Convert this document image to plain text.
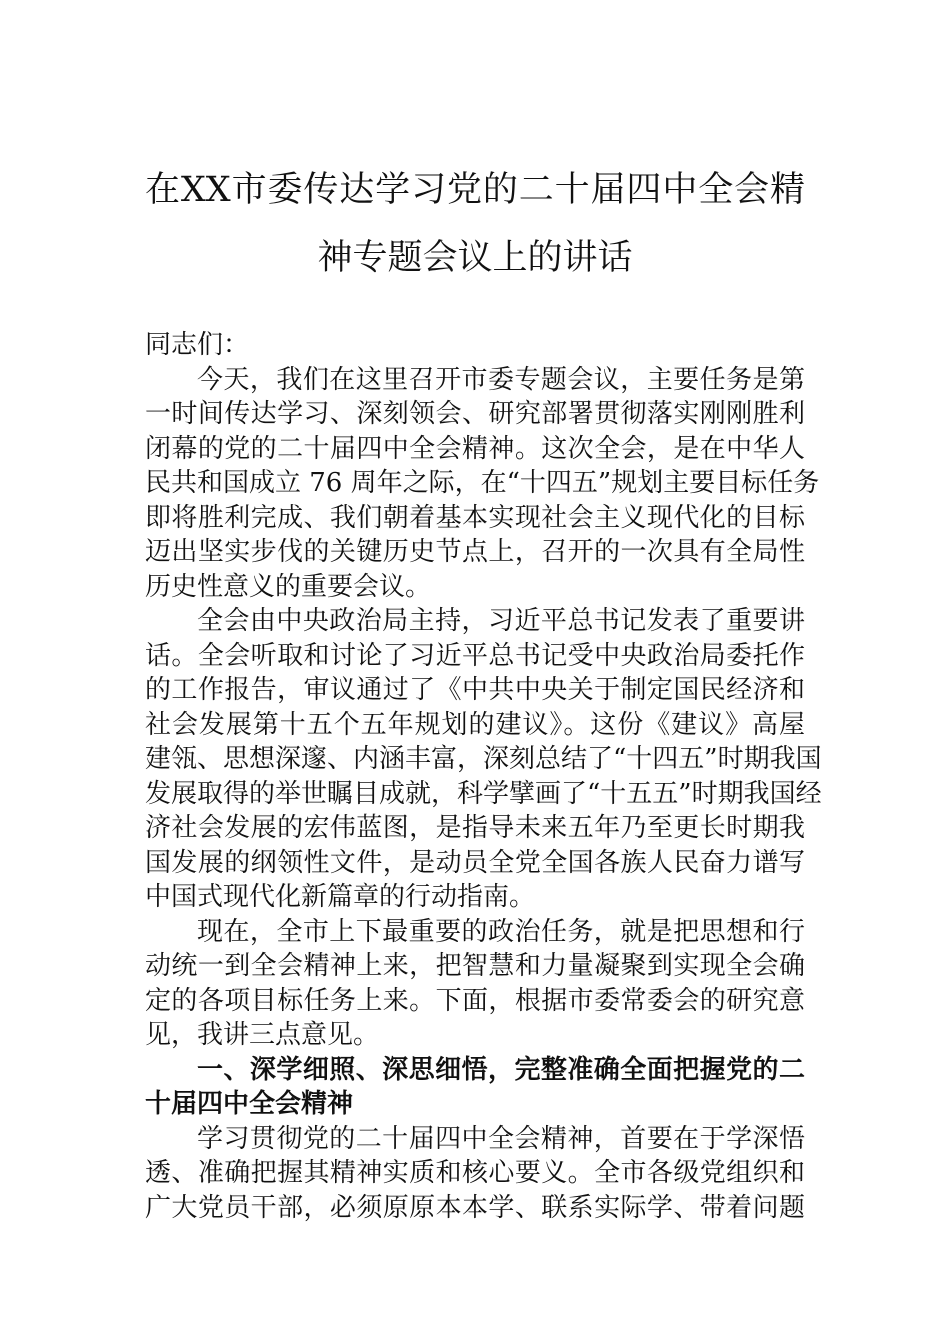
在XX市委传达学习党的二十届四中全会精
神专题会议上的讲话
同志们：
今天，我们在这里召开市委专题会议，主要任务是第
一时间传达学习、深刻领会、研究部署贯彻落实刚刚胜利
闭幕的党的二十届四中全会精神。这次全会，是在中华人
民共和国成立 76 周年之际，在“十四五”规划主要目标任务
即将胜利完成、我们朝着基本实现社会主义现代化的目标
迈出坚实步伐的关键历史节点上，召开的一次具有全局性
历史性意义的重要会议。
全会由中央政治局主持，习近平总书记发表了重要讲
话。全会听取和讨论了习近平总书记受中央政治局委托作
的工作报告，审议通过了《中共中央关于制定国民经济和
社会发展第十五个五年规划的建议》。这份《建议》高屋
建瓴、思想深邃、内涵丰富，深刻总结了“十四五”时期我国
发展取得的举世瞩目成就，科学擘画了“十五五”时期我国经
济社会发展的宏伟蓝图，是指导未来五年乃至更长时期我
国发展的纲领性文件，是动员全党全国各族人民奋力谱写
中国式现代化新篇章的行动指南。
现在，全市上下最重要的政治任务，就是把思想和行
动统一到全会精神上来，把智慧和力量凝聚到实现全会确
定的各项目标任务上来。下面，根据市委常委会的研究意
见，我讲三点意见。
一、深学细照、深思细悟，完整准确全面把握党的二
十届四中全会精神
学习贯彻党的二十届四中全会精神，首要在于学深悟
透、准确把握其精神实质和核心要义。全市各级党组织和
广大党员干部，必须原原本本学、联系实际学、带着问题
